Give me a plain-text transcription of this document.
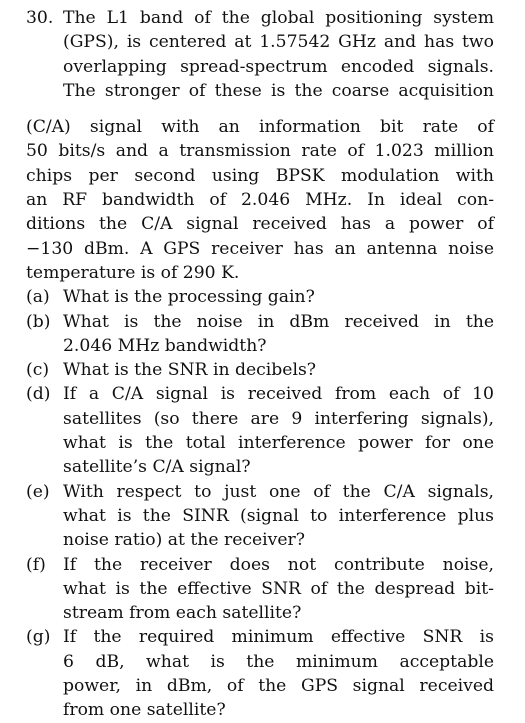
30. The L1 band of the global positioning system
(GPS), is centered at 1.57542 GHz and has two
overlapping spread-spectrum encoded signals.
The stronger of these is the coarse acquisition
(C/A) signal with an information bit rate of
50 bits/s and a transmission rate of 1.023 million
chips per second using BPSK modulation with
an RF bandwidth of 2.046 MHz. In ideal con-
ditions the C/A signal received has a power of
−130 dBm. A GPS receiver has an antenna noise
temperature is of 290 K.
(a) What is the processing gain?
(b) What is the noise in dBm received in the
2.046 MHz bandwidth?
(c) What is the SNR in decibels?
(d) If a C/A signal is received from each of 10
satellites (so there are 9 interfering signals),
what is the total interference power for one
satellite’s C/A signal?
(e) With respect to just one of the C/A signals,
what is the SINR (signal to interference plus
noise ratio) at the receiver?
(f)	If the receiver does not contribute noise,
what is the effective SNR of the despread bit-
stream from each satellite?
(g) If the required minimum effective SNR is
6 dB, what is the minimum acceptable
power, in dBm, of the GPS signal received
from one satellite?
